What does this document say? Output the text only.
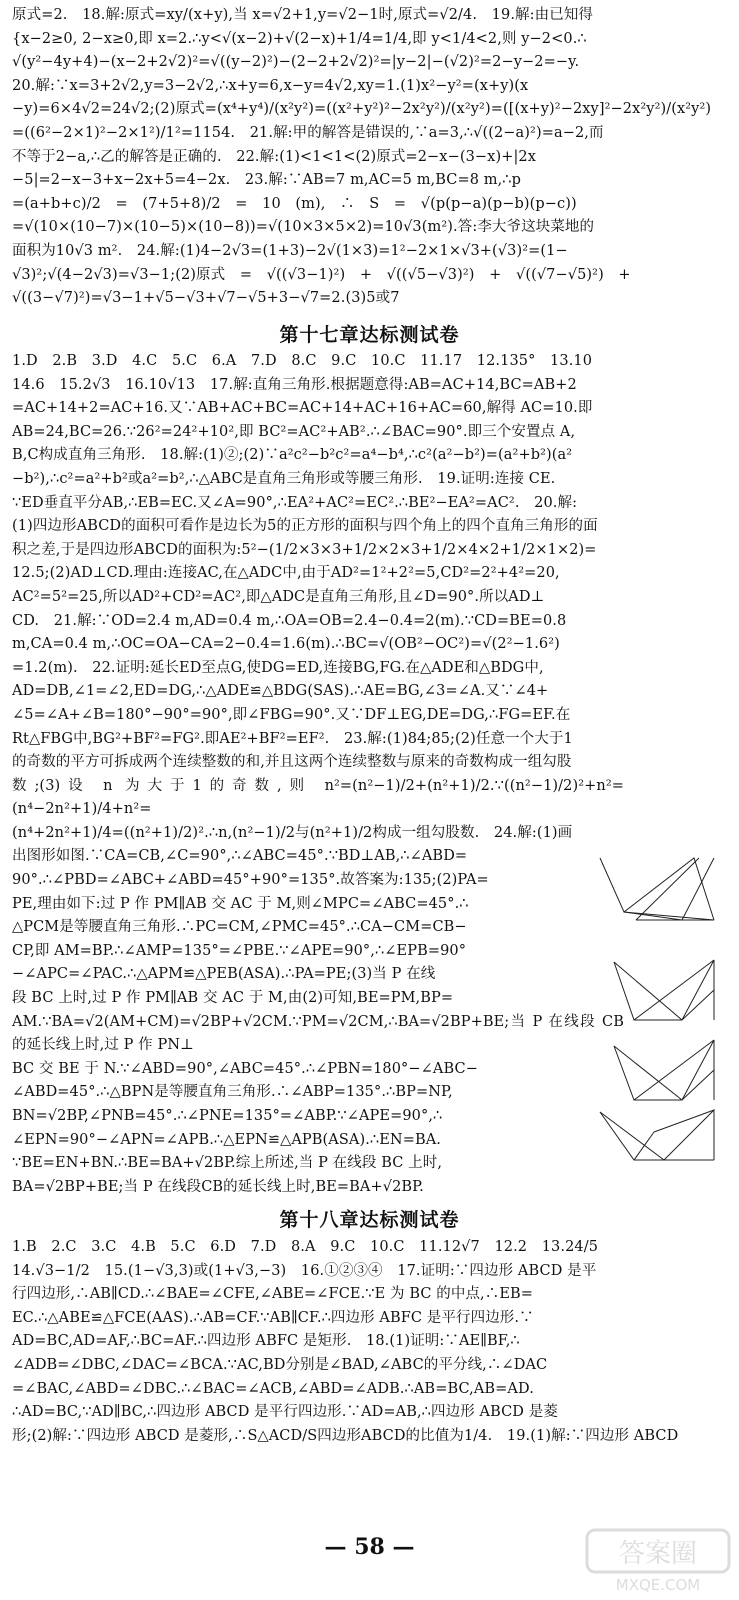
原式=2.　18.解:原式=xy/(x+y),当 x=√2+1,y=√2−1时,原式=√2/4.　19.解:由已知得
{x−2≥0, 2−x≥0,即 x=2.∴y<√(x−2)+√(2−x)+1/4=1/4,即 y<1/4<2,则 y−2<0.∴
√(y²−4y+4)−(x−2+2√2)²=√((y−2)²)−(2−2+2√2)²=|y−2|−(√2)²=2−y−2=−y.
20.解:∵x=3+2√2,y=3−2√2,∴x+y=6,x−y=4√2,xy=1.(1)x²−y²=(x+y)(x
−y)=6×4√2=24√2;(2)原式=(x⁴+y⁴)/(x²y²)=((x²+y²)²−2x²y²)/(x²y²)=([(x+y)²−2xy]²−2x²y²)/(x²y²)
=((6²−2×1)²−2×1²)/1²=1154.　21.解:甲的解答是错误的,∵a=3,∴√((2−a)²)=a−2,而
不等于2−a,∴乙的解答是正确的.　22.解:(1)<1<1<(2)原式=2−x−(3−x)+|2x
−5|=2−x−3+x−2x+5=4−2x.　23.解:∵AB=7 m,AC=5 m,BC=8 m,∴p
=(a+b+c)/2　=　(7+5+8)/2　=　10　(m),　∴　S　=　√(p(p−a)(p−b)(p−c))
=√(10×(10−7)×(10−5)×(10−8))=√(10×3×5×2)=10√3(m²).答:李大爷这块菜地的
面积为10√3 m².　24.解:(1)4−2√3=(1+3)−2√(1×3)=1²−2×1×√3+(√3)²=(1−
√3)²;√(4−2√3)=√3−1;(2)原式　=　√((√3−1)²)　+　√((√5−√3)²)　+　√((√7−√5)²)　+
√((3−√7)²)=√3−1+√5−√3+√7−√5+3−√7=2.(3)5或7
第十七章达标测试卷
1.D　2.B　3.D　4.C　5.C　6.A　7.D　8.C　9.C　10.C　11.17　12.135°　13.10
14.6　15.2√3　16.10√13　17.解:直角三角形.根据题意得:AB=AC+14,BC=AB+2
=AC+14+2=AC+16.又∵AB+AC+BC=AC+14+AC+16+AC=60,解得 AC=10.即
AB=24,BC=26.∵26²=24²+10²,即 BC²=AC²+AB².∴∠BAC=90°.即三个安置点 A,
B,C构成直角三角形.　18.解:(1)②;(2)∵a²c²−b²c²=a⁴−b⁴,∴c²(a²−b²)=(a²+b²)(a²
−b²),∴c²=a²+b²或a²=b²,∴△ABC是直角三角形或等腰三角形.　19.证明:连接 CE.
∵ED垂直平分AB,∴EB=EC.又∠A=90°,∴EA²+AC²=EC².∴BE²−EA²=AC².　20.解:
(1)四边形ABCD的面积可看作是边长为5的正方形的面积与四个角上的四个直角三角形的面
积之差,于是四边形ABCD的面积为:5²−(1/2×3×3+1/2×2×3+1/2×4×2+1/2×1×2)=
12.5;(2)AD⊥CD.理由:连接AC,在△ADC中,由于AD²=1²+2²=5,CD²=2²+4²=20,
AC²=5²=25,所以AD²+CD²=AC²,即△ADC是直角三角形,且∠D=90°.所以AD⊥
CD.　21.解:∵OD=2.4 m,AD=0.4 m,∴OA=OB=2.4−0.4=2(m).∵CD=BE=0.8
m,CA=0.4 m,∴OC=OA−CA=2−0.4=1.6(m).∴BC=√(OB²−OC²)=√(2²−1.6²)
=1.2(m).　22.证明:延长ED至点G,使DG=ED,连接BG,FG.在△ADE和△BDG中,
AD=DB,∠1=∠2,ED=DG,∴△ADE≌△BDG(SAS).∴AE=BG,∠3=∠A.又∵∠4+
∠5=∠A+∠B=180°−90°=90°,即∠FBG=90°.又∵DF⊥EG,DE=DG,∴FG=EF.在
Rt△FBG中,BG²+BF²=FG².即AE²+BF²=EF².　23.解:(1)84;85;(2)任意一个大于1
的奇数的平方可拆成两个连续整数的和,并且这两个连续整数与原来的奇数构成一组勾股
数;(3)设 n 为大于1的奇数,则 n²=(n²−1)/2+(n²+1)/2.∵((n²−1)/2)²+n²=(n⁴−2n²+1)/4+n²=
(n⁴+2n²+1)/4=((n²+1)/2)².∴n,(n²−1)/2与(n²+1)/2构成一组勾股数.　24.解:(1)画
出图形如图.∵CA=CB,∠C=90°,∴∠ABC=45°.∵BD⊥AB,∴∠ABD=
90°.∴∠PBD=∠ABC+∠ABD=45°+90°=135°.故答案为:135;(2)PA=
PE,理由如下:过 P 作 PM∥AB 交 AC 于 M,则∠MPC=∠ABC=45°.∴
△PCM是等腰直角三角形.∴PC=CM,∠PMC=45°.∴CA−CM=CB−
CP,即 AM=BP.∴∠AMP=135°=∠PBE.∵∠APE=90°,∴∠EPB=90°
−∠APC=∠PAC.∴△APM≌△PEB(ASA).∴PA=PE;(3)当 P 在线
段 BC 上时,过 P 作 PM∥AB 交 AC 于 M,由(2)可知,BE=PM,BP=
AM.∵BA=√2(AM+CM)=√2BP+√2CM.∵PM=√2CM,∴BA=√2BP+BE;当 P 在线段 CB 的延长线上时,过 P 作 PN⊥
BC 交 BE 于 N.∵∠ABD=90°,∠ABC=45°.∴∠PBN=180°−∠ABC−
∠ABD=45°.∴△BPN是等腰直角三角形.∴∠ABP=135°.∴BP=NP,
BN=√2BP,∠PNB=45°.∴∠PNE=135°=∠ABP.∵∠APE=90°,∴
∠EPN=90°−∠APN=∠APB.∴△EPN≌△APB(ASA).∴EN=BA.
∵BE=EN+BN.∴BE=BA+√2BP.综上所述,当 P 在线段 BC 上时,
BA=√2BP+BE;当 P 在线段CB的延长线上时,BE=BA+√2BP.
第十八章达标测试卷
1.B　2.C　3.C　4.B　5.C　6.D　7.D　8.A　9.C　10.C　11.12√7　12.2　13.24/5
14.√3−1/2　15.(1−√3,3)或(1+√3,−3)　16.①②③④　17.证明:∵四边形 ABCD 是平
行四边形,∴AB∥CD.∴∠BAE=∠CFE,∠ABE=∠FCE.∵E 为 BC 的中点,∴EB=
EC.∴△ABE≌△FCE(AAS).∴AB=CF.∵AB∥CF.∴四边形 ABFC 是平行四边形.∵
AD=BC,AD=AF,∴BC=AF.∴四边形 ABFC 是矩形.　18.(1)证明:∵AE∥BF,∴
∠ADB=∠DBC,∠DAC=∠BCA.∵AC,BD分别是∠BAD,∠ABC的平分线,∴∠DAC
=∠BAC,∠ABD=∠DBC.∴∠BAC=∠ACB,∠ABD=∠ADB.∴AB=BC,AB=AD.
∴AD=BC,∵AD∥BC,∴四边形 ABCD 是平行四边形.∵AD=AB,∴四边形 ABCD 是菱
形;(2)解:∵四边形 ABCD 是菱形,∴S△ACD/S四边形ABCD的比值为1/4.　19.(1)解:∵四边形 ABCD

— 58 —	答案圈
MXQE.COM
